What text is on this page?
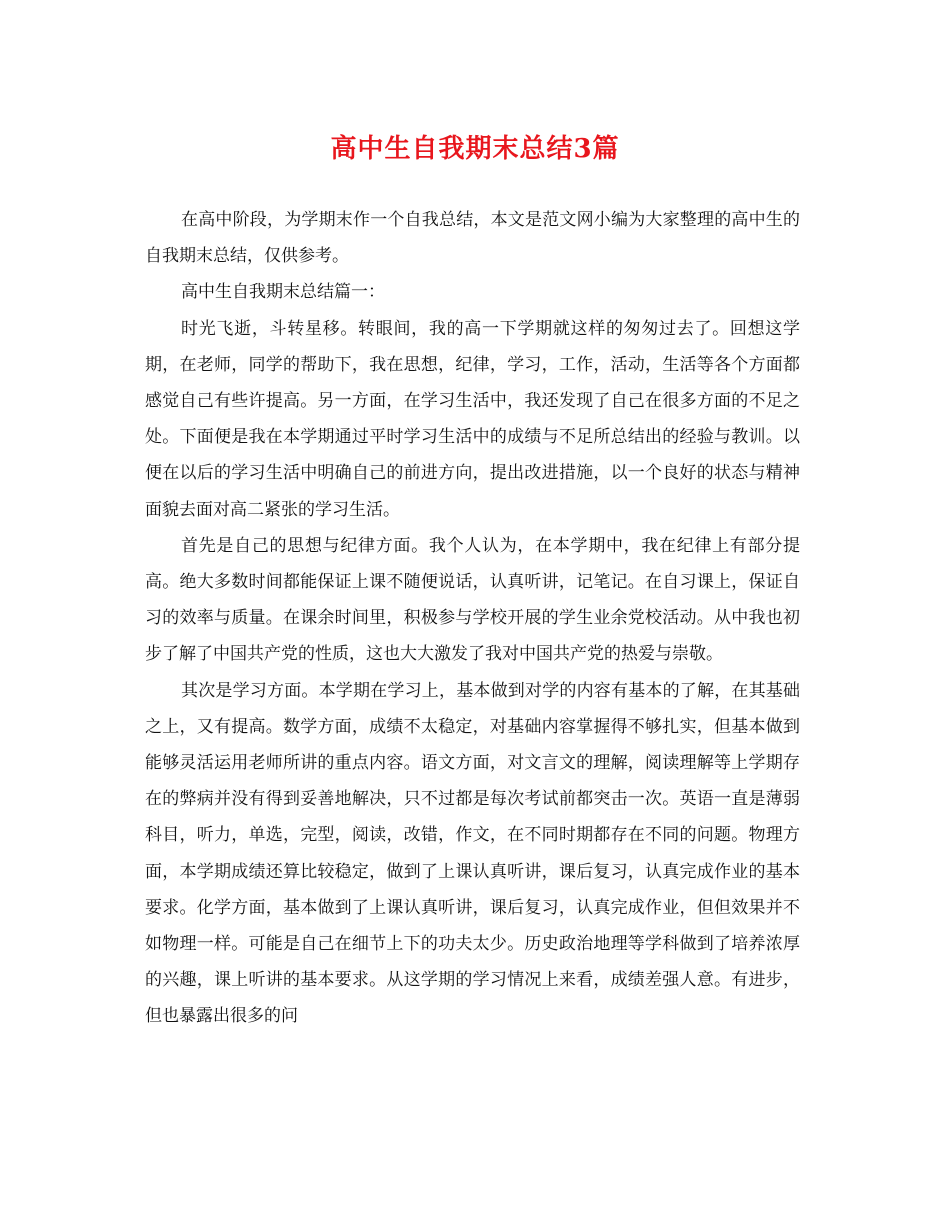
高中生自我期末总结3篇

在高中阶段，为学期末作一个自我总结，本文是范文网小编为大家整理的高中生的自我期末总结，仅供参考。

高中生自我期末总结篇一：

时光飞逝，斗转星移。转眼间，我的高一下学期就这样的匆匆过去了。回想这学期，在老师，同学的帮助下，我在思想，纪律，学习，工作，活动，生活等各个方面都感觉自己有些许提高。另一方面，在学习生活中，我还发现了自己在很多方面的不足之处。下面便是我在本学期通过平时学习生活中的成绩与不足所总结出的经验与教训。以便在以后的学习生活中明确自己的前进方向，提出改进措施，以一个良好的状态与精神面貌去面对高二紧张的学习生活。

首先是自己的思想与纪律方面。我个人认为，在本学期中，我在纪律上有部分提高。绝大多数时间都能保证上课不随便说话，认真听讲，记笔记。在自习课上，保证自习的效率与质量。在课余时间里，积极参与学校开展的学生业余党校活动。从中我也初步了解了中国共产党的性质，这也大大激发了我对中国共产党的热爱与崇敬。

其次是学习方面。本学期在学习上，基本做到对学的内容有基本的了解，在其基础之上，又有提高。数学方面，成绩不太稳定，对基础内容掌握得不够扎实，但基本做到能够灵活运用老师所讲的重点内容。语文方面，对文言文的理解，阅读理解等上学期存在的弊病并没有得到妥善地解决，只不过都是每次考试前都突击一次。英语一直是薄弱科目，听力，单选，完型，阅读，改错，作文，在不同时期都存在不同的问题。物理方面，本学期成绩还算比较稳定，做到了上课认真听讲，课后复习，认真完成作业的基本要求。化学方面，基本做到了上课认真听讲，课后复习，认真完成作业，但但效果并不如物理一样。可能是自己在细节上下的功夫太少。历史政治地理等学科做到了培养浓厚的兴趣，课上听讲的基本要求。从这学期的学习情况上来看，成绩差强人意。有进步，但也暴露出很多的问
